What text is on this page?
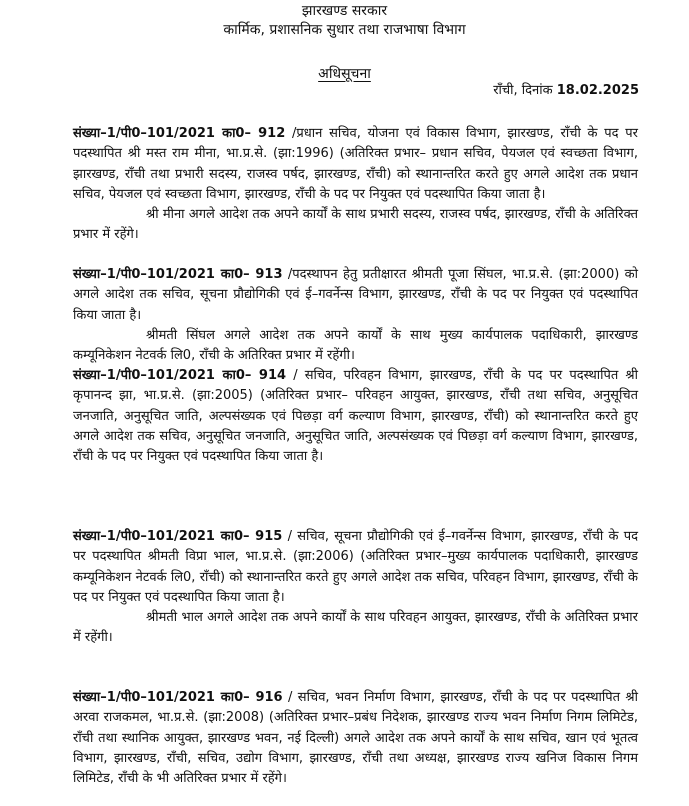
झारखण्ड सरकार
कार्मिक, प्रशासनिक सुधार तथा राजभाषा विभाग
अधिसूचना
राँची, दिनांक 18.02.2025

संख्या–1/पी0–101/2021 का0– 912 /प्रधान सचिव, योजना एवं विकास विभाग, झारखण्ड, राँची के पद पर पदस्थापित श्री मस्त राम मीना, भा.प्र.से. (झा:1996) (अतिरिक्त प्रभार– प्रधान सचिव, पेयजल एवं स्वच्छता विभाग, झारखण्ड, राँची तथा प्रभारी सदस्य, राजस्व पर्षद, झारखण्ड, राँची) को स्थानान्तरित करते हुए अगले आदेश तक प्रधान सचिव, पेयजल एवं स्वच्छता विभाग, झारखण्ड, राँची के पद पर नियुक्त एवं पदस्थापित किया जाता है।

श्री मीना अगले आदेश तक अपने कार्यों के साथ प्रभारी सदस्य, राजस्व पर्षद, झारखण्ड, राँची के अतिरिक्त प्रभार में रहेंगे।

संख्या–1/पी0–101/2021 का0– 913 /पदस्थापन हेतु प्रतीक्षारत श्रीमती पूजा सिंघल, भा.प्र.से. (झा:2000) को अगले आदेश तक सचिव, सूचना प्रौद्योगिकी एवं ई–गवर्नेन्स विभाग, झारखण्ड, राँची के पद पर नियुक्त एवं पदस्थापित किया जाता है।

श्रीमती सिंघल अगले आदेश तक अपने कार्यों के साथ मुख्य कार्यपालक पदाधिकारी, झारखण्ड कम्यूनिकेशन नेटवर्क लि0, राँची के अतिरिक्त प्रभार में रहेंगी।

संख्या–1/पी0–101/2021 का0– 914 / सचिव, परिवहन विभाग, झारखण्ड, राँची के पद पर पदस्थापित श्री कृपानन्द झा, भा.प्र.से. (झा:2005) (अतिरिक्त प्रभार– परिवहन आयुक्त, झारखण्ड, राँची तथा सचिव, अनुसूचित जनजाति, अनुसूचित जाति, अल्पसंख्यक एवं पिछड़ा वर्ग कल्याण विभाग, झारखण्ड, राँची) को स्थानान्तरित करते हुए अगले आदेश तक सचिव, अनुसूचित जनजाति, अनुसूचित जाति, अल्पसंख्यक एवं पिछड़ा वर्ग कल्याण विभाग, झारखण्ड, राँची के पद पर नियुक्त एवं पदस्थापित किया जाता है।

संख्या–1/पी0–101/2021 का0– 915 / सचिव, सूचना प्रौद्योगिकी एवं ई–गवर्नेन्स विभाग, झारखण्ड, राँची के पद पर पदस्थापित श्रीमती विप्रा भाल, भा.प्र.से. (झा:2006) (अतिरिक्त प्रभार–मुख्य कार्यपालक पदाधिकारी, झारखण्ड कम्यूनिकेशन नेटवर्क लि0, राँची) को स्थानान्तरित करते हुए अगले आदेश तक सचिव, परिवहन विभाग, झारखण्ड, राँची के पद पर नियुक्त एवं पदस्थापित किया जाता है।

श्रीमती भाल अगले आदेश तक अपने कार्यों के साथ परिवहन आयुक्त, झारखण्ड, राँची के अतिरिक्त प्रभार में रहेंगी।

संख्या–1/पी0–101/2021 का0– 916 / सचिव, भवन निर्माण विभाग, झारखण्ड, राँची के पद पर पदस्थापित श्री अरवा राजकमल, भा.प्र.से. (झा:2008) (अतिरिक्त प्रभार–प्रबंध निदेशक, झारखण्ड राज्य भवन निर्माण निगम लिमिटेड, राँची तथा स्थानिक आयुक्त, झारखण्ड भवन, नई दिल्ली) अगले आदेश तक अपने कार्यों के साथ सचिव, खान एवं भूतत्व विभाग, झारखण्ड, राँची, सचिव, उद्योग विभाग, झारखण्ड, राँची तथा अध्यक्ष, झारखण्ड राज्य खनिज विकास निगम लिमिटेड, राँची के भी अतिरिक्त प्रभार में रहेंगे।
